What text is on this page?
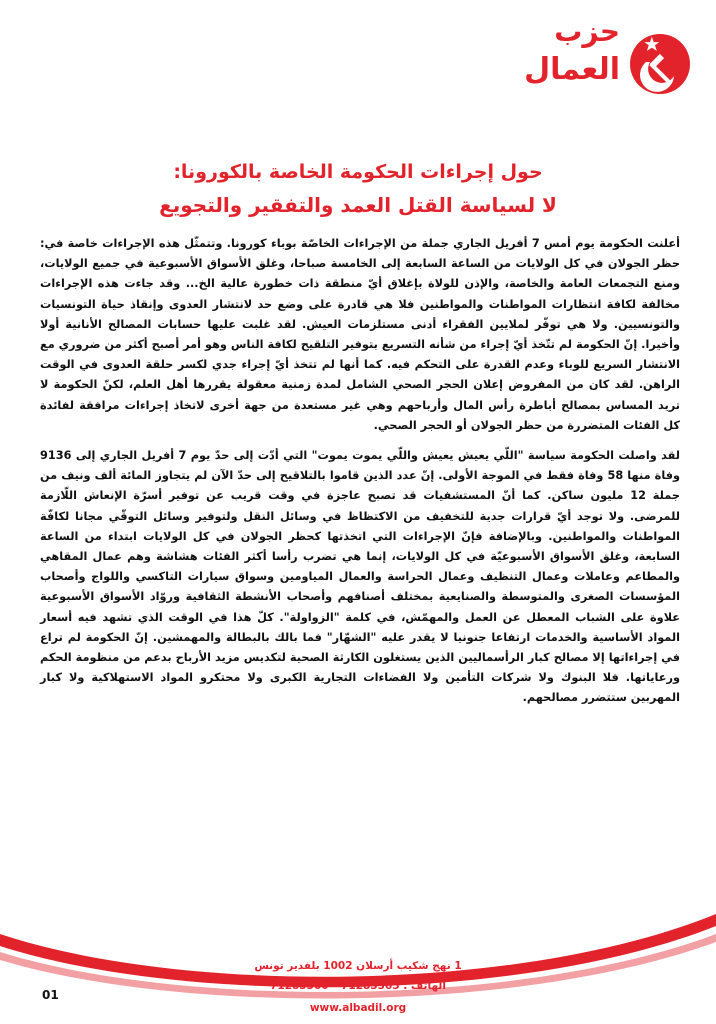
حزب
العمال
حول إجراءات الحكومة الخاصة بالكورونا:
لا لسياسة القتل العمد والتفقير والتجويع

أعلنت الحكومة يوم أمس 7 أفريل الجاري جملة من الإجراءات الخاصّة بوباء كورونا. وتتمثّل هذه الإجراءات خاصة في: حظر الجولان في كل الولايات من الساعة السابعة إلى الخامسة صباحا، وغلق الأسواق الأسبوعية في جميع الولايات، ومنع التجمعات العامة والخاصة، والإذن للولاة بإغلاق أيّ منطقة ذات خطورة عالية الخ... وقد جاءت هذه الإجراءات مخالفة لكافة انتظارات المواطنات والمواطنين فلا هي قادرة على وضع حد لانتشار العدوى وإنقاذ حياة التونسيات والتونسيين. ولا هي توفّر لملايين الفقراء أدنى مستلزمات العيش. لقد غلبت عليها حسابات المصالح الأنانية أولا وأخيرا. إنّ الحكومة لم تتّخذ أيّ إجراء من شأنه التسريع بتوفير التلقيح لكافة الناس وهو أمر أصبح أكثر من ضروري مع الانتشار السريع للوباء وعدم القدرة على التحكم فيه. كما أنها لم تتخذ أيّ إجراء جدي لكسر حلقة العدوى في الوقت الراهن. لقد كان من المفروض إعلان الحجر الصحي الشامل لمدة زمنية معقولة يقررها أهل العلم، لكنّ الحكومة لا تريد المساس بمصالح أباطرة رأس المال وأرباحهم وهي غير مستعدة من جهة أخرى لاتخاذ إجراءات مرافقة لفائدة كل الفئات المتضررة من حظر الجولان أو الحجر الصحي.

لقد واصلت الحكومة سياسة "اللّي يعيش يعيش واللّي يموت يموت" التي أدّت إلى حدّ يوم 7 أفريل الجاري إلى 9136 وفاة منها 58 وفاة فقط في الموجة الأولى. إنّ عدد الذين قاموا بالتلاقيح إلى حدّ الآن لم يتجاوز المائة ألف ونيف من جملة 12 مليون ساكن. كما أنّ المستشفيات قد تصبح عاجزة في وقت قريب عن توفير أسرّة الإنعاش اللّازمة للمرضى. ولا توجد أيّ قرارات جدية للتخفيف من الاكتظاظ في وسائل النقل ولتوفير وسائل التوقّي مجانا لكافّة المواطنات والمواطنين. وبالإضافة فإنّ الإجراءات التي اتخذتها كحظر الجولان في كل الولايات ابتداء من الساعة السابعة، وغلق الأسواق الأسبوعيّة في كل الولايات، إنما هي تضرب رأسا أكثر الفئات هشاشة وهم عمال المقاهي والمطاعم وعاملات وعمال التنظيف وعمال الحراسة والعمال المياومين وسواق سيارات التاكسي واللواج وأصحاب المؤسسات الصغرى والمتوسطة والصنايعية بمختلف أصنافهم وأصحاب الأنشطة الثقافية وروّاد الأسواق الأسبوعية علاوة على الشباب المعطل عن العمل والمهمّش، في كلمة "الزواولة". كلّ هذا في الوقت الذي تشهد فيه أسعار المواد الأساسية والخدمات ارتفاعا جنونيا لا يقدر عليه "الشهّار" فما بالك بالبطالة والمهمشين. إنّ الحكومة لم تراع في إجراءاتها إلا مصالح كبار الرأسماليين الذين يستغلون الكارثة الصحية لتكديس مزيد الأرباح بدعم من منظومة الحكم ورعاياتها. فلا البنوك ولا شركات التأمين ولا الفضاءات التجارية الكبرى ولا محتكرو المواد الاستهلاكية ولا كبار المهربين ستتضرر مصالحهم.

1 نهج شكيب أرسلان 1002 بلفدير تونس
الهاتف : 71283365 – 71283360
www.albadil.org
01
